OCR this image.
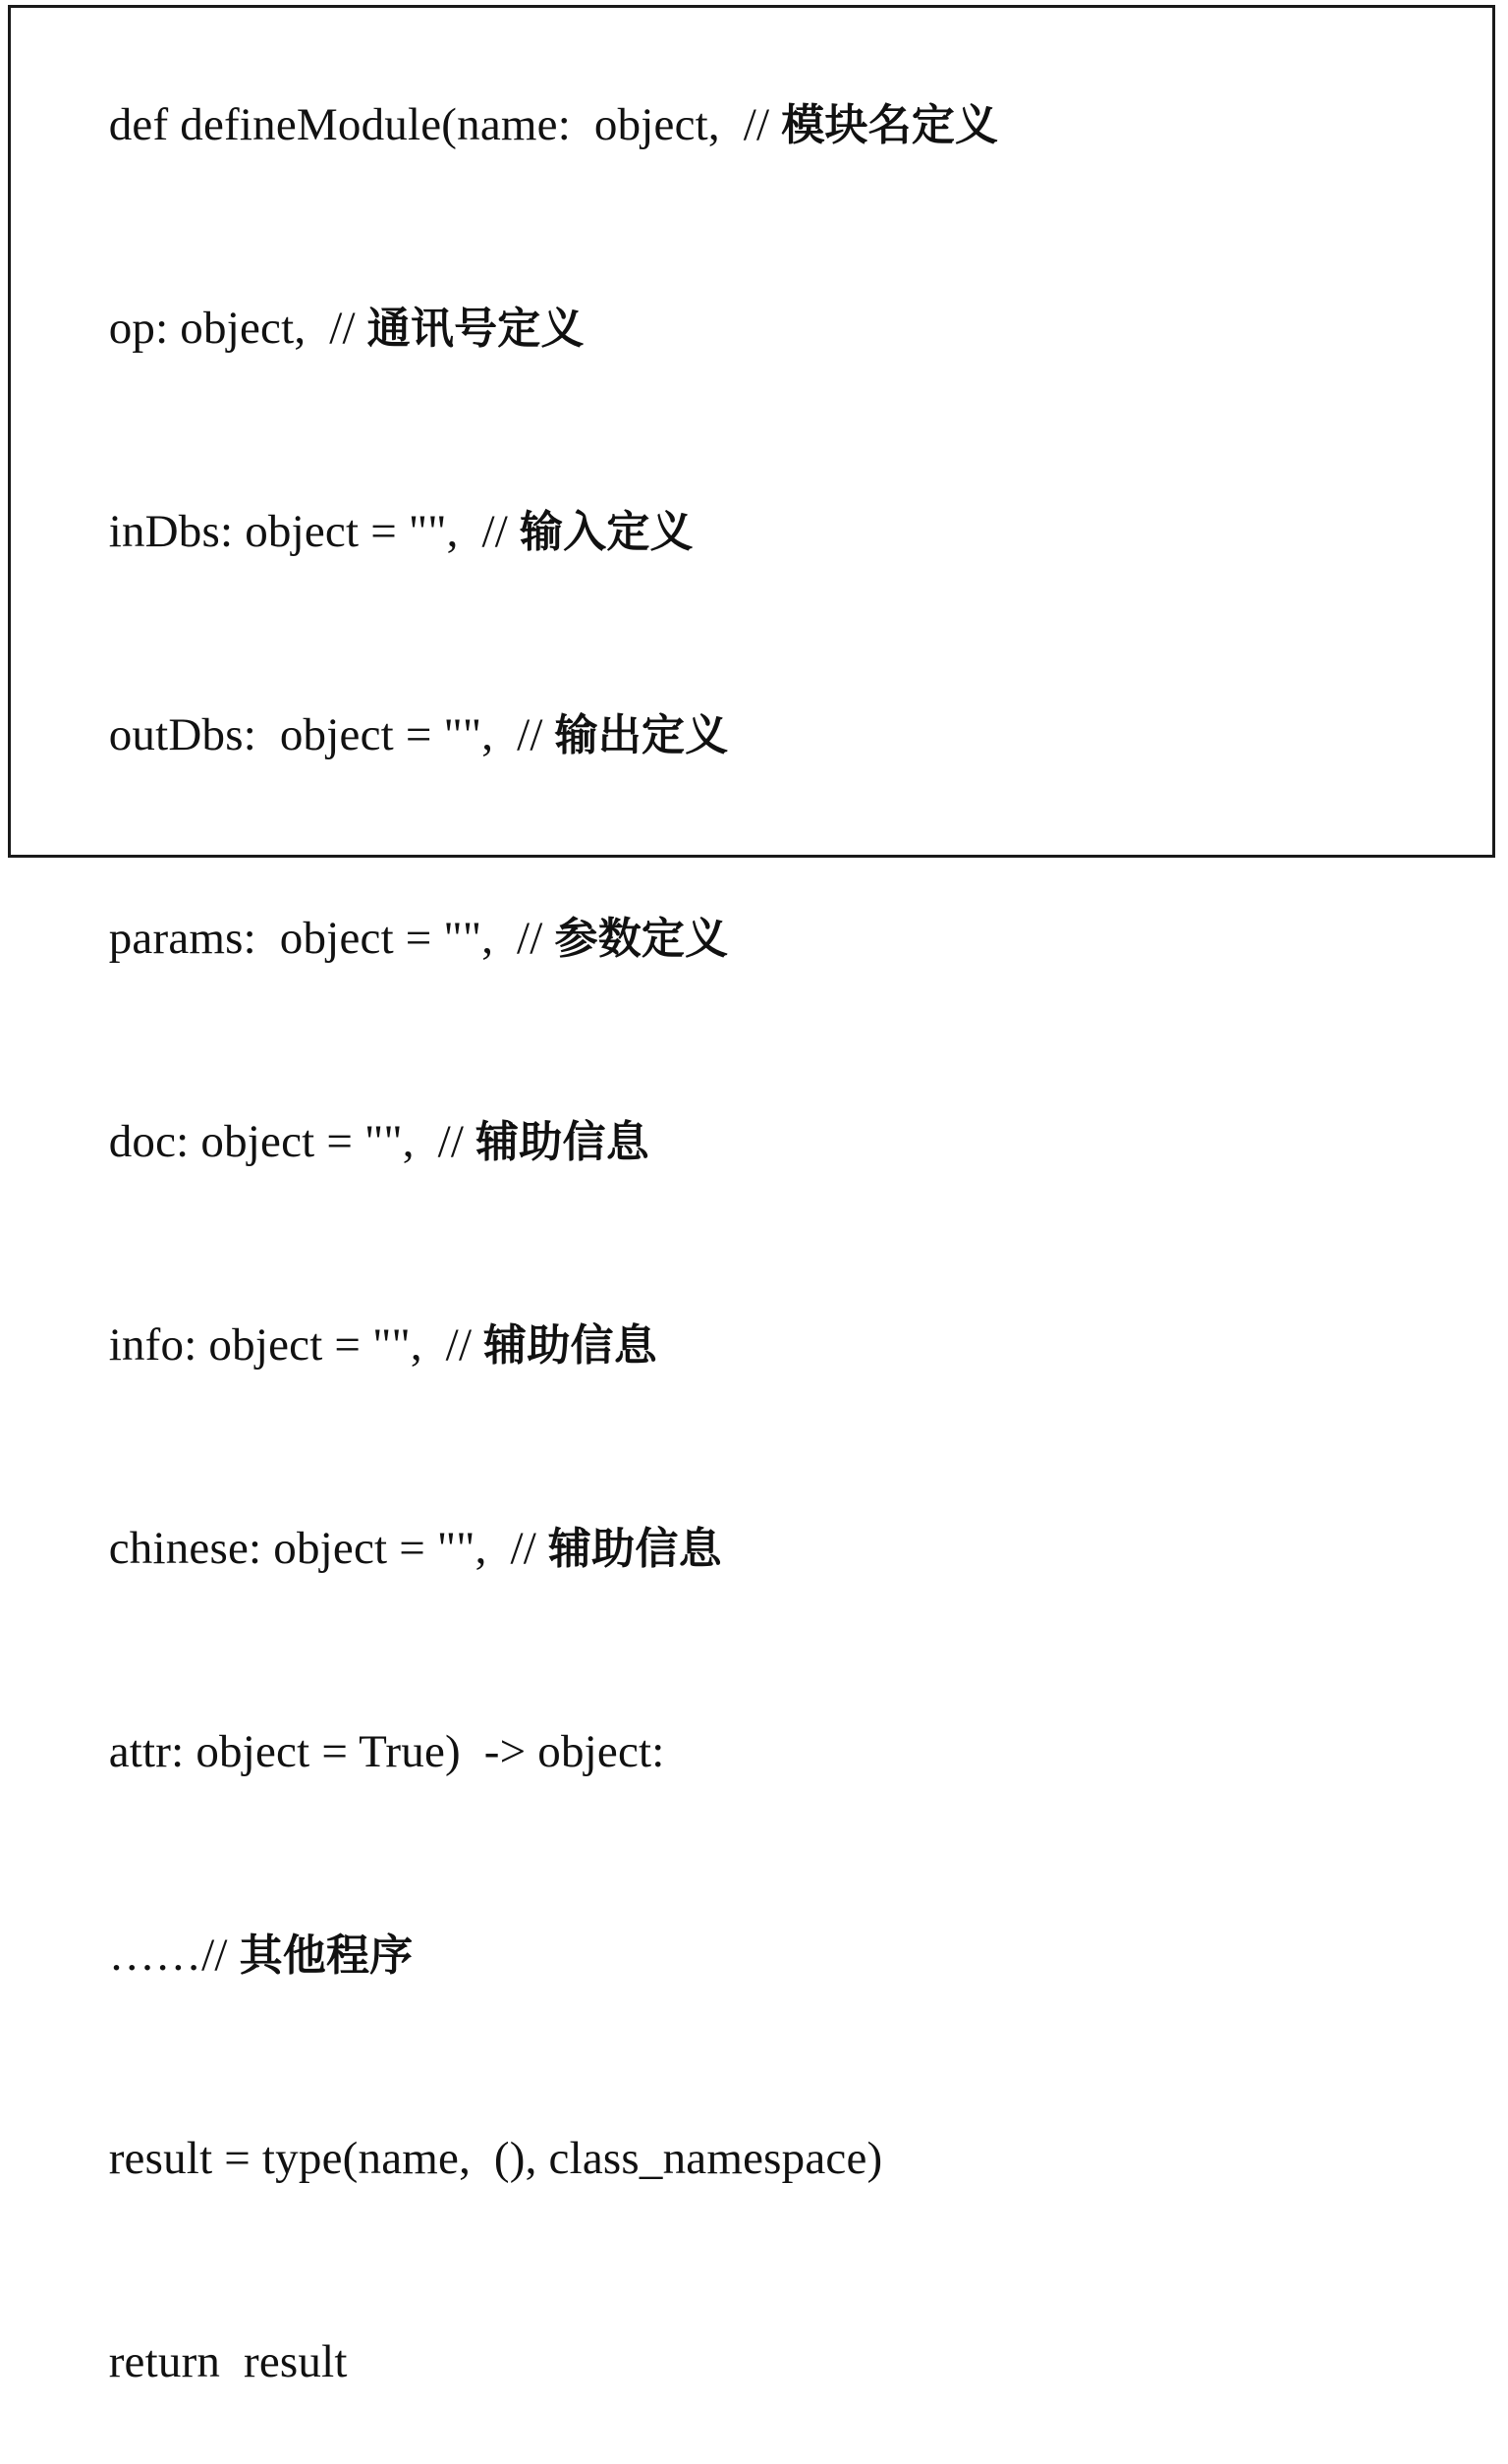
def defineModule(name:  object,  // 模块名定义

op: object,  // 通讯号定义

inDbs: object = "",  // 输入定义

outDbs:  object = "",  // 输出定义

params:  object = "",  // 参数定义

doc: object = "",  // 辅助信息

info: object = "",  // 辅助信息

chinese: object = "",  // 辅助信息

attr: object = True)  -> object:

……// 其他程序

result = type(name,  (), class_namespace)

return  result
